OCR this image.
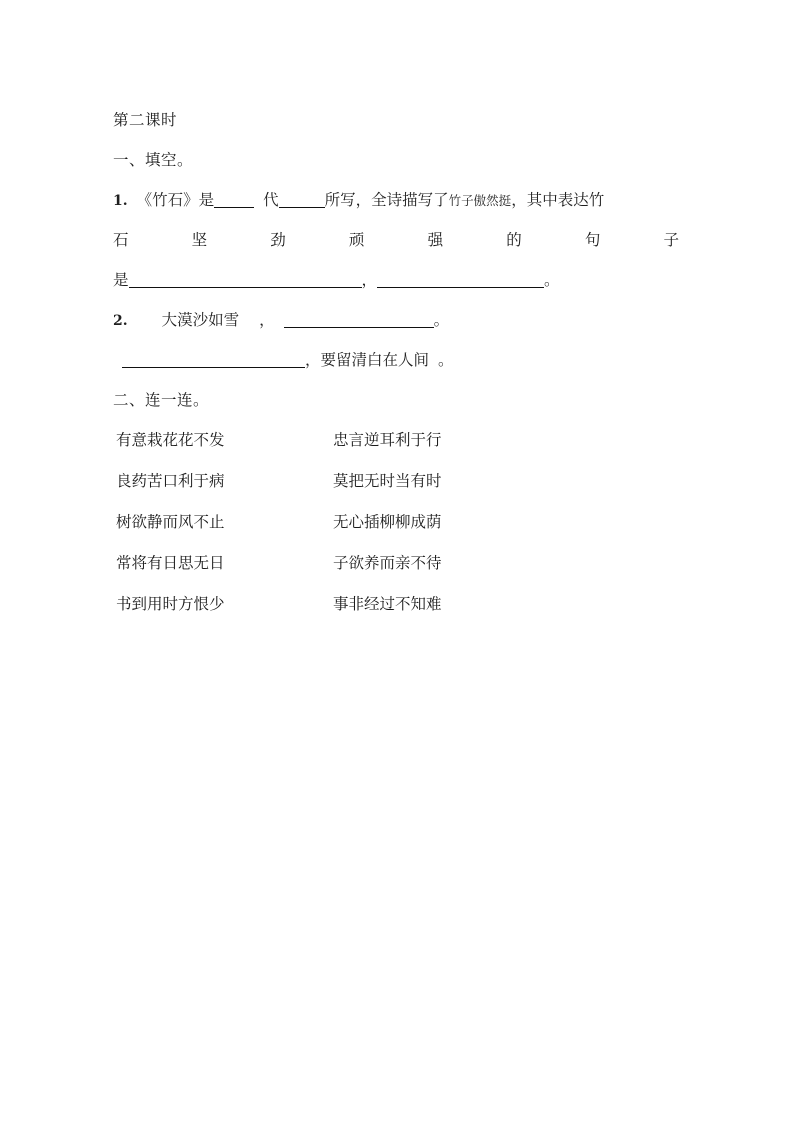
第二课时
一、填空。
1. 《竹石》是	代	所写，全诗描写了竹子傲然挺，其中表达竹
石	坚	劲	顽	强	的	句	子
是	，	。
2. 大漠沙如雪 ，	。
，要留清白在人间 。
二、连一连。
有意栽花花不发	忠言逆耳利于行
良药苦口利于病	莫把无时当有时
树欲静而风不止	无心插柳柳成荫
常将有日思无日	子欲养而亲不待
书到用时方恨少	事非经过不知难
